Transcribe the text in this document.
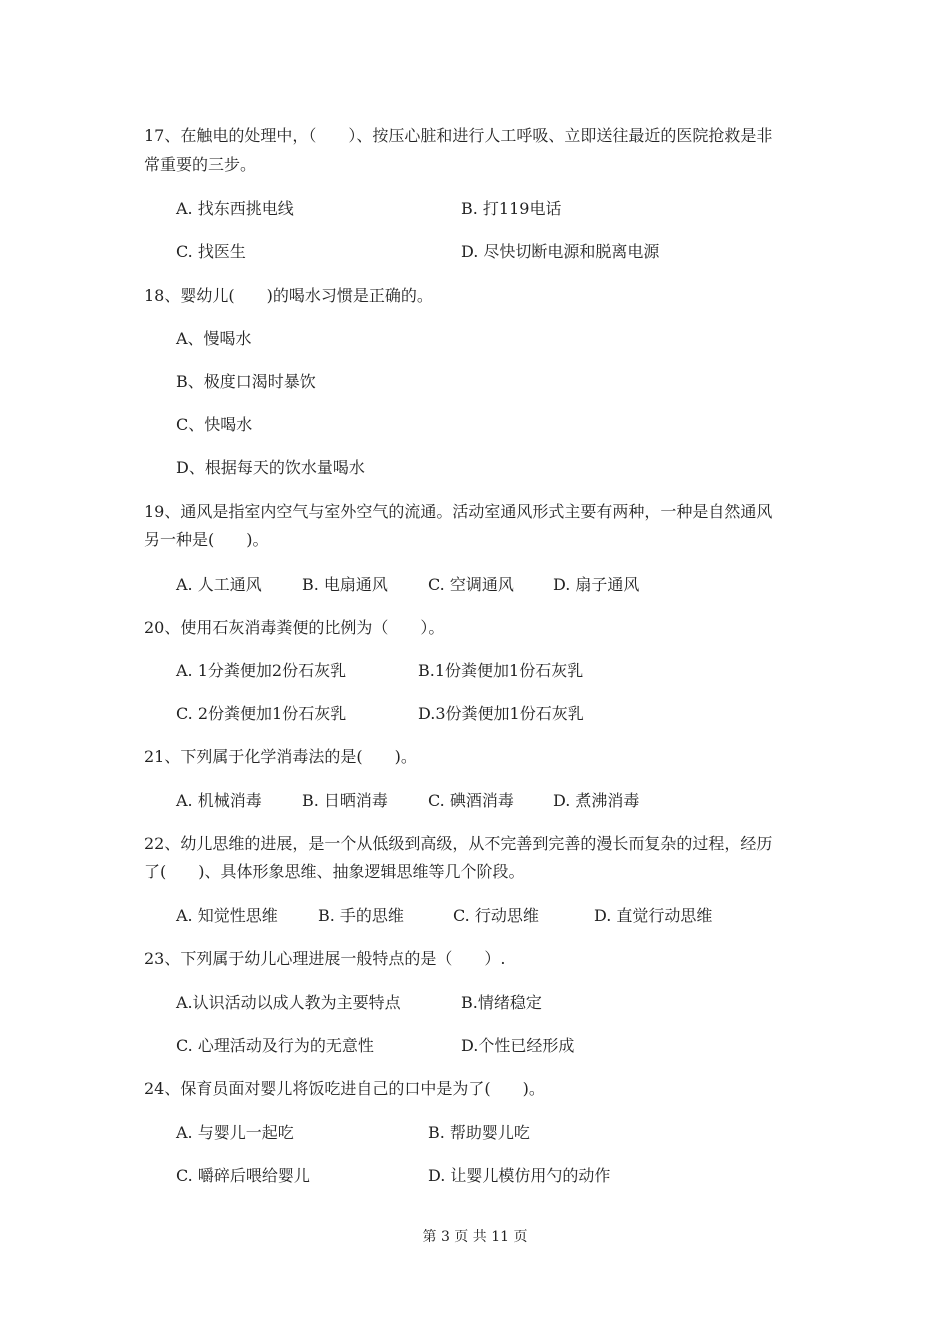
17、在触电的处理中，（　　）、按压心脏和进行人工呼吸、立即送往最近的医院抢救是非
常重要的三步。
A. 找东西挑电线	B. 打119电话
C. 找医生	D. 尽快切断电源和脱离电源
18、婴幼儿(　　)的喝水习惯是正确的。
A、慢喝水
B、极度口渴时暴饮
C、快喝水
D、根据每天的饮水量喝水
19、通风是指室内空气与室外空气的流通。活动室通风形式主要有两种，一种是自然通风
另一种是(　　)。
A. 人工通风	B. 电扇通风	C. 空调通风 D. 扇子通风
20、使用石灰消毒粪便的比例为（　　）。
A. 1分粪便加2份石灰乳	B.1份粪便加1份石灰乳
C. 2份粪便加1份石灰乳	D.3份粪便加1份石灰乳
21、下列属于化学消毒法的是(　　)。
A. 机械消毒	B. 日晒消毒	C. 碘酒消毒 D. 煮沸消毒
22、幼儿思维的进展，是一个从低级到高级，从不完善到完善的漫长而复杂的过程，经历
了(　　)、具体形象思维、抽象逻辑思维等几个阶段。
A. 知觉性思维	B. 手的思维	C. 行动思维	D. 直觉行动思维
23、下列属于幼儿心理进展一般特点的是（　　）.
A.认识活动以成人教为主要特点	B.情绪稳定
C. 心理活动及行为的无意性	D.个性已经形成
24、保育员面对婴儿将饭吃进自己的口中是为了(　　)。
A. 与婴儿一起吃	B. 帮助婴儿吃
C. 嚼碎后喂给婴儿	D. 让婴儿模仿用勺的动作
第 3 页 共 11 页
